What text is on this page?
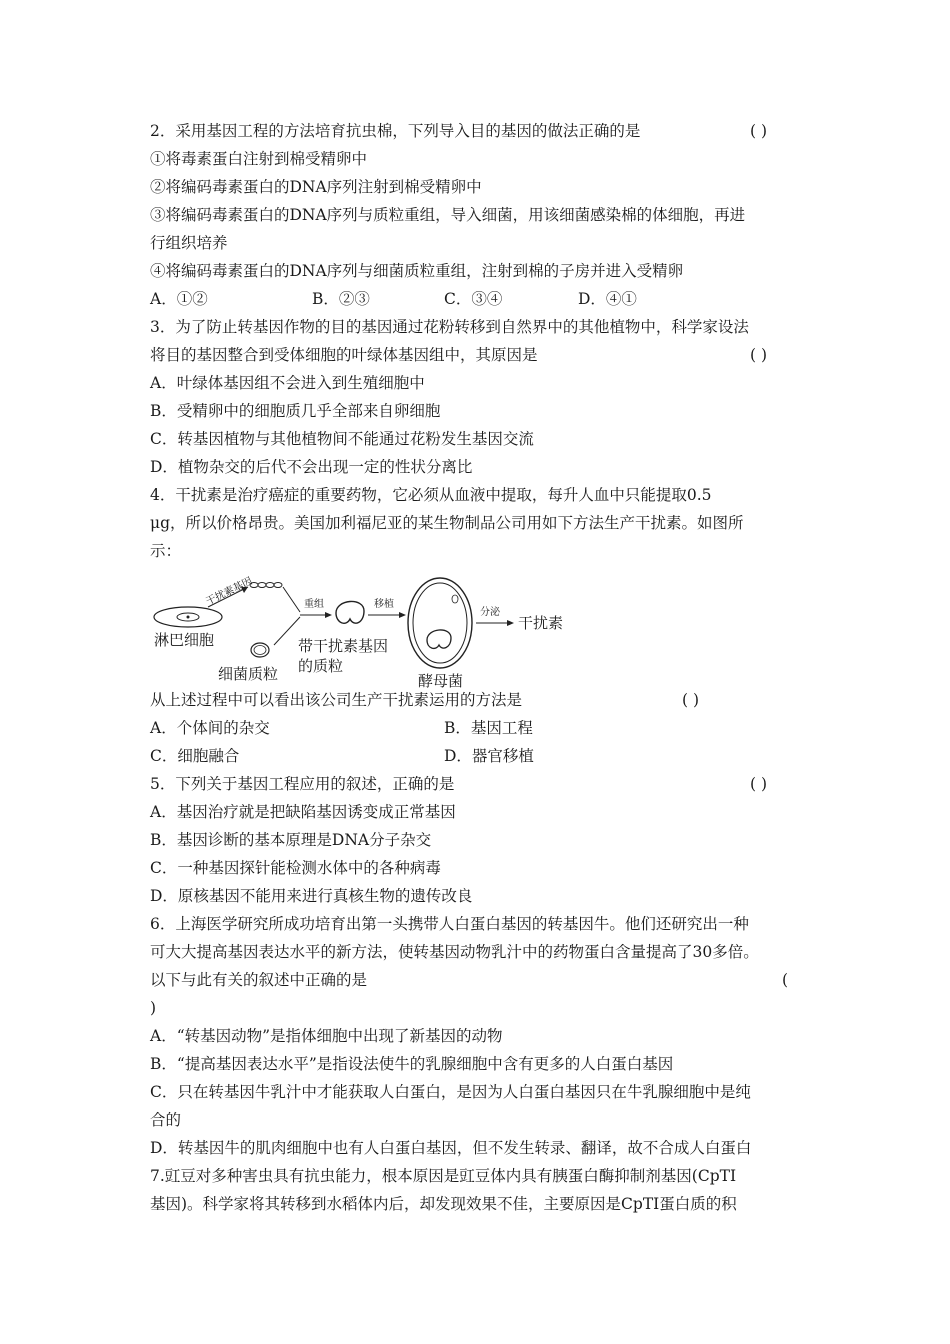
2．采用基因工程的方法培育抗虫棉，下列导入目的基因的做法正确的是	( )
①将毒素蛋白注射到棉受精卵中
②将编码毒素蛋白的DNA序列注射到棉受精卵中
③将编码毒素蛋白的DNA序列与质粒重组，导入细菌，用该细菌感染棉的体细胞，再进
行组织培养
④将编码毒素蛋白的DNA序列与细菌质粒重组，注射到棉的子房并进入受精卵
A．①②	B．②③	C．③④	D．④①
3．为了防止转基因作物的目的基因通过花粉转移到自然界中的其他植物中，科学家设法
将目的基因整合到受体细胞的叶绿体基因组中，其原因是	( )
A．叶绿体基因组不会进入到生殖细胞中
B．受精卵中的细胞质几乎全部来自卵细胞
C．转基因植物与其他植物间不能通过花粉发生基因交流
D．植物杂交的后代不会出现一定的性状分离比
4．干扰素是治疗癌症的重要药物，它必须从血液中提取，每升人血中只能提取0.5
μg，所以价格昂贵。美国加利福尼亚的某生物制品公司用如下方法生产干扰素。如图所
示：
干扰素基因	重组	移植
分泌
干扰素
淋巴细胞
细菌质粒
带干扰素基因
的质粒
酵母菌
从上述过程中可以看出该公司生产干扰素运用的方法是	( )
A．个体间的杂交	B．基因工程
C．细胞融合	D．器官移植
5．下列关于基因工程应用的叙述，正确的是	( )
A．基因治疗就是把缺陷基因诱变成正常基因
B．基因诊断的基本原理是DNA分子杂交
C．一种基因探针能检测水体中的各种病毒
D．原核基因不能用来进行真核生物的遗传改良
6．上海医学研究所成功培育出第一头携带人白蛋白基因的转基因牛。他们还研究出一种
可大大提高基因表达水平的新方法，使转基因动物乳汁中的药物蛋白含量提高了30多倍。
以下与此有关的叙述中正确的是	(
)
A．“转基因动物”是指体细胞中出现了新基因的动物
B．“提高基因表达水平”是指设法使牛的乳腺细胞中含有更多的人白蛋白基因
C．只在转基因牛乳汁中才能获取人白蛋白，是因为人白蛋白基因只在牛乳腺细胞中是纯
合的
D．转基因牛的肌肉细胞中也有人白蛋白基因，但不发生转录、翻译，故不合成人白蛋白
7.豇豆对多种害虫具有抗虫能力，根本原因是豇豆体内具有胰蛋白酶抑制剂基因(CpTI
基因)。科学家将其转移到水稻体内后，却发现效果不佳，主要原因是CpTI蛋白质的积
